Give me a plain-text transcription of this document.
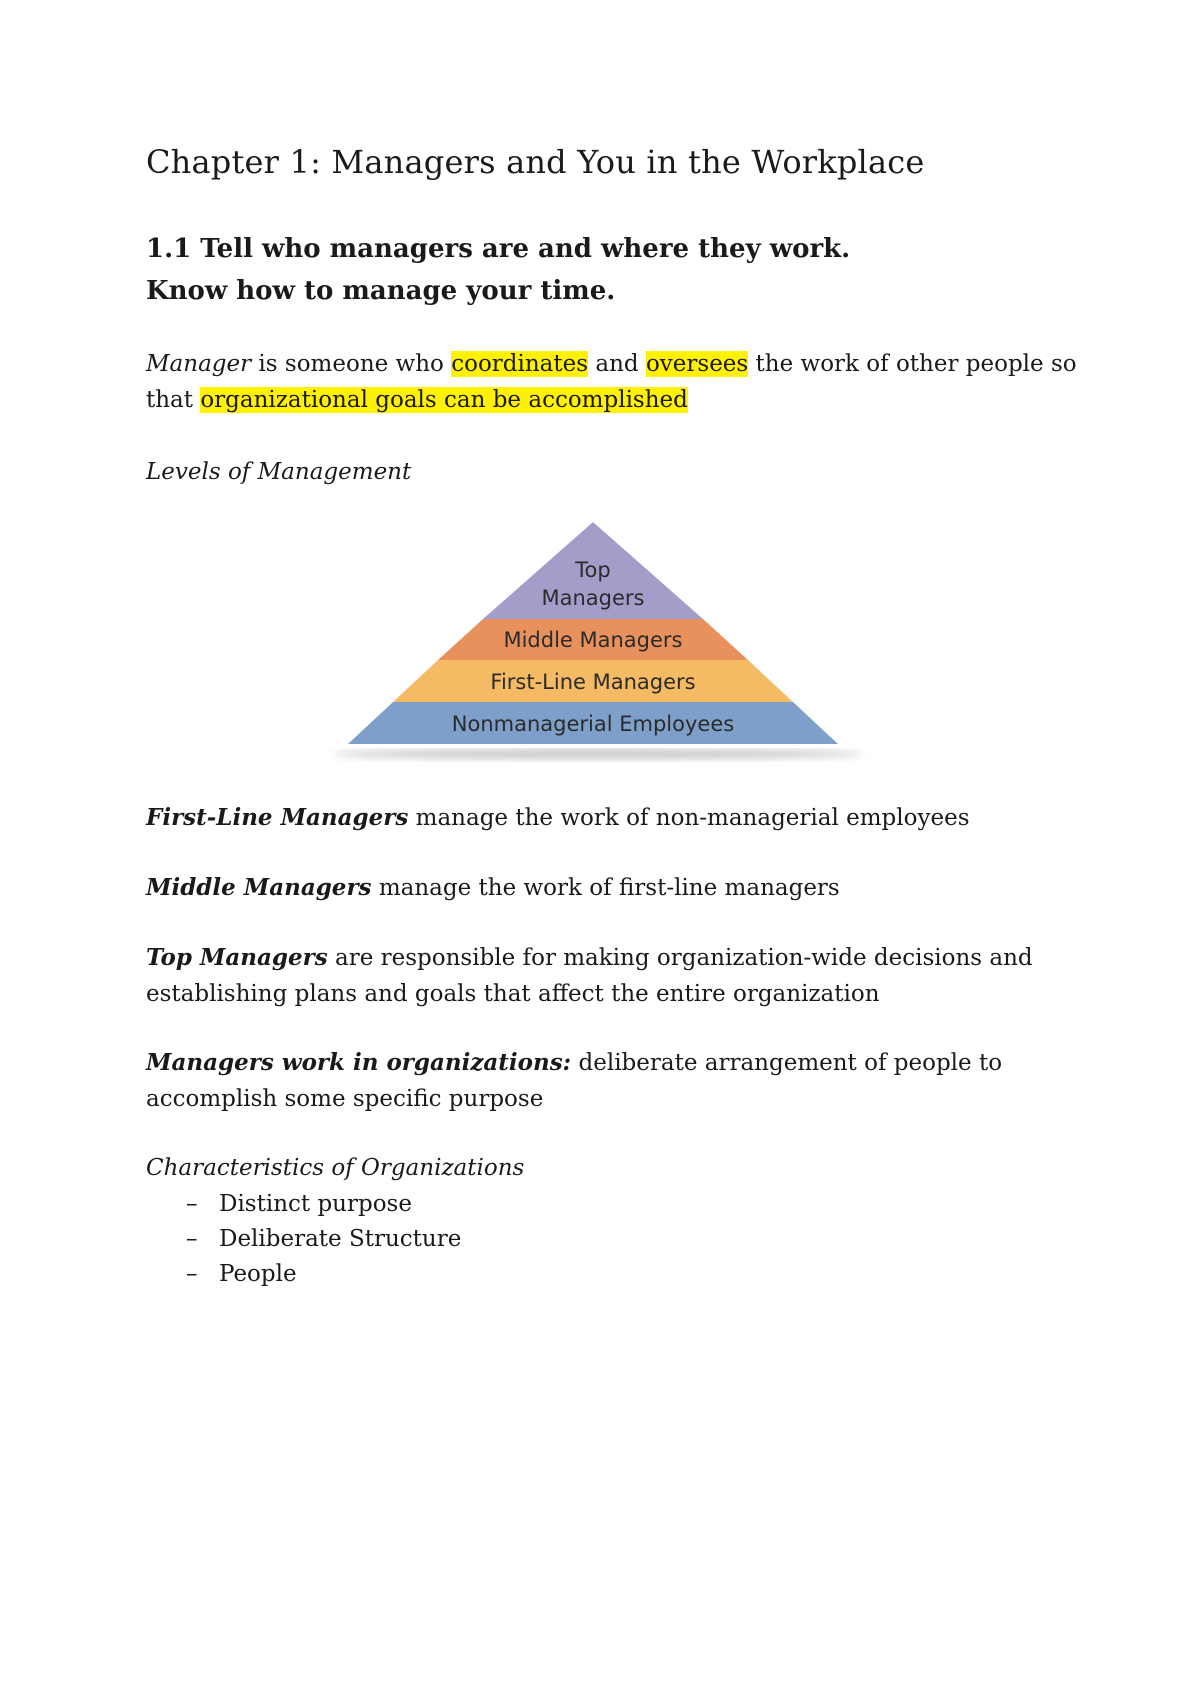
Chapter 1: Managers and You in the Workplace
1.1 Tell who managers are and where they work.
Know how to manage your time.

Manager is someone who coordinates and oversees the work of other people so that organizational goals can be accomplished

Levels of Management

First-Line Managers manage the work of non-managerial employees

Middle Managers manage the work of first-line managers

Top Managers are responsible for making organization-wide decisions and establishing plans and goals that affect the entire organization

Managers work in organizations: deliberate arrangement of people to accomplish some specific purpose

Characteristics of Organizations

– Distinct purpose
– Deliberate Structure
– People
Top
Managers
Middle Managers
First-Line Managers
Nonmanagerial Employees
